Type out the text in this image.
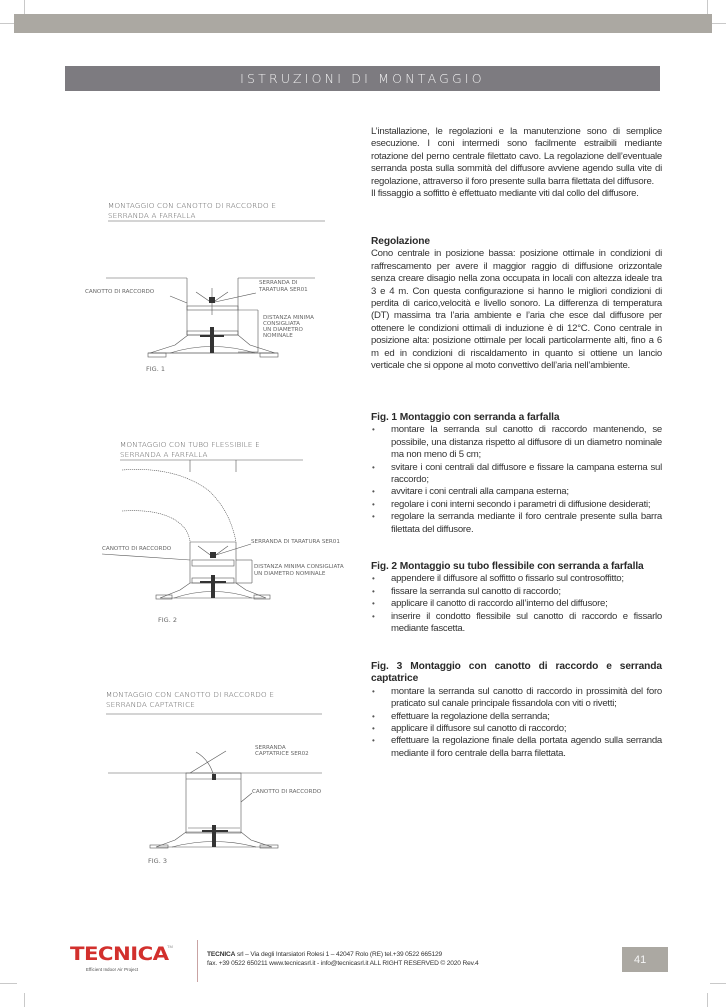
ISTRUZIONI DI MONTAGGIO

L’installazione, le regolazioni e la manutenzione sono di semplice esecuzione. I coni intermedi sono facilmente estraibili mediante rotazione del perno centrale filettato cavo. La regolazione dell’eventuale serranda posta sulla sommità del diffusore avviene agendo sulla vite di regolazione, attraverso il foro presente sulla barra filettata del diffusore.

Il fissaggio a soffitto è effettuato mediante viti dal collo del diffusore.

Regolazione

Cono centrale in posizione bassa: posizione ottimale in condizioni di raffrescamento per avere il maggior raggio di diffusione orizzontale senza creare disagio nella zona occupata in locali con altezza ideale tra 3 e 4 m. Con questa configurazione si hanno le migliori condizioni di perdita di carico,velocità e livello sonoro. La differenza di temperatura (DT) massima tra l’aria ambiente e l’aria che esce dal diffusore per ottenere le condizioni ottimali di induzione è di 12°C. Cono centrale in posizione alta: posizione ottimale per locali particolarmente alti, fino a 6 m ed in condizioni di riscaldamento in quanto si ottiene un lancio verticale che si oppone al moto convettivo dell’aria nell’ambiente.

Fig. 1 Montaggio con serranda a farfalla

• montare la serranda sul canotto di raccordo mantenendo, se possibile, una distanza rispetto al diffusore di un diametro nominale ma non meno di 5 cm;
• svitare i coni centrali dal diffusore e fissare la campana esterna sul raccordo;
• avvitare i coni centrali alla campana esterna;
• regolare i coni interni secondo i parametri di diffusione desiderati;
• regolare la serranda mediante il foro centrale presente sulla barra filettata del diffusore.

Fig. 2 Montaggio su tubo flessibile con serranda a farfalla

• appendere il diffusore al soffitto o fissarlo sul controsoffitto;
• fissare la serranda sul canotto di raccordo;
• applicare il canotto di raccordo all’interno del diffusore;
• inserire il condotto flessibile sul canotto di raccordo e fissarlo mediante fascetta.

Fig. 3 Montaggio con canotto di raccordo e serranda captatrice

• montare la serranda sul canotto di raccordo in prossimità del foro praticato sul canale principale fissandola con viti o rivetti;
• effettuare la regolazione della serranda;
• applicare il diffusore sul canotto di raccordo;
• effettuare la regolazione finale della portata agendo sulla serranda mediante il foro centrale della barra filettata.
MONTAGGIO CON CANOTTO DI RACCORDO E
SERRANDA A FARFALLA
CANOTTO DI RACCORDO
SERRANDA DI
TARATURA SER01
DISTANZA MINIMA
CONSIGLIATA
UN DIAMETRO
NOMINALE
FIG. 1
MONTAGGIO CON TUBO FLESSIBILE E
SERRANDA A FARFALLA
SERRANDA DI TARATURA SER01
CANOTTO DI RACCORDO
DISTANZA MINIMA CONSIGLIATA
UN DIAMETRO NOMINALE
FIG. 2
MONTAGGIO CON CANOTTO DI RACCORDO E
SERRANDA CAPTATRICE
SERRANDA
CAPTATRICE SER02
CANOTTO DI RACCORDO
FIG. 3
TECNICA
TM
Efficient Indoor Air Project
TECNICA srl – Via degli Intarsiatori Rolesi 1 – 42047 Rolo (RE) tel.+39 0522 665129
fax. +39 0522 650211 www.tecnicasrl.it - info@tecnicasrl.it ALL RIGHT RESERVED © 2020 Rev.4	41
